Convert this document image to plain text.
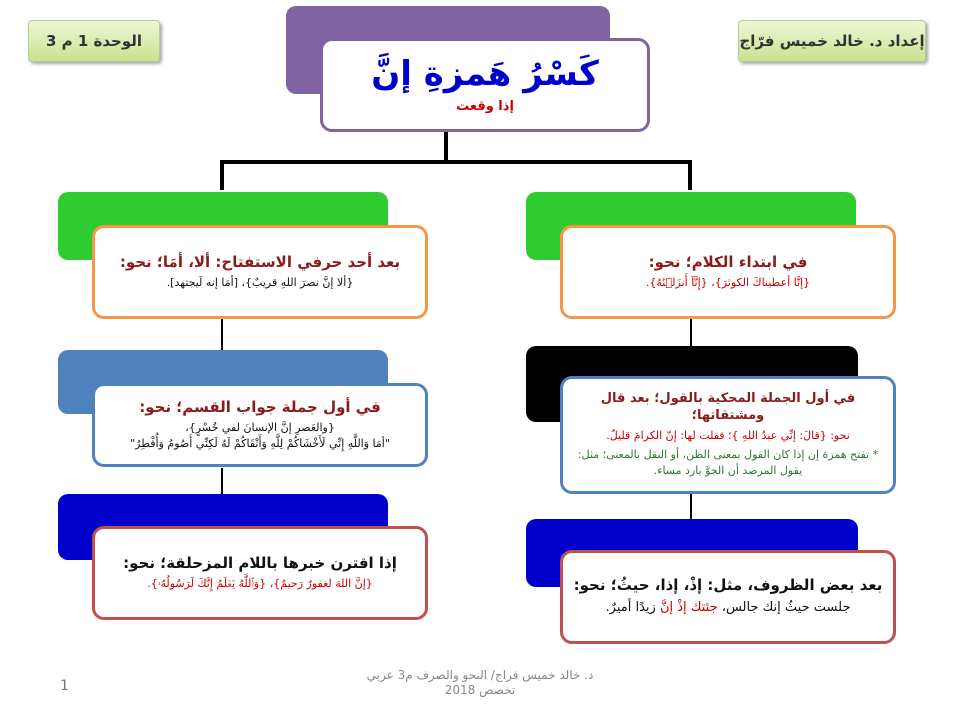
الوحدة 1 م 3	إعداد د. خالد خميس فرّاج
كَسْرُ هَمزةِ إنَّ
إذا وقعت
بعد أحد حرفي الاستفتاح: ألا، أمَا؛ نحو:
{ألا إنَّ نصرَ اللهِ قريبٌ}، [أمَا إنه لَيجتهد].
في أول جملة جواب القسم؛ نحو:
{والعَصرِ إنَّ الإنسانَ لفي خُسْرٍ}،
"أمَا وَاللَّهِ إِنِّي لَأَخْشَاكُمْ لِلَّهِ وَأَتْقَاكُمْ لَهُ لَكِنِّي أَصُومُ وَأُفْطِرُ"
إذا اقترن خبرها باللام المزحلقة؛ نحو:
{إنَّ اللهَ لغفورٌ رَحيمٌ}، {وَٱللَّهُ يَعۡلَمُ إِنَّكَ لَرَسُولُهُۥ}.
في ابتداء الكلام؛ نحو:
{إنَّا أعطيناكَ الكوثرَ}، {إِنَّآ أَنزَلۡنَٰهُ}.
في أول الجملة المحكية بالقول؛ بعد قال ومشتقاتها؛
نحو: {قالَ: إنِّي عبدُ اللهِ }؛ فقلت لها: إنّ الكرامَ قليلُ.
* تفتح همزة إن إذا كان القول بمعنى الظن، أو النقل بالمعنى؛ مثل: يقول المرصد أن الجوَّ بارد مساء.
بعد بعض الظروف، مثل: إذْ، إذا، حيثُ؛ نحو:
جلست حيثُ إنك جالس، جئتك إذْ إنَّ زيدًا أميرٌ.
1
د. خالد خميس فراج/ النحو والصرف م3 عربي
تخصص 2018
